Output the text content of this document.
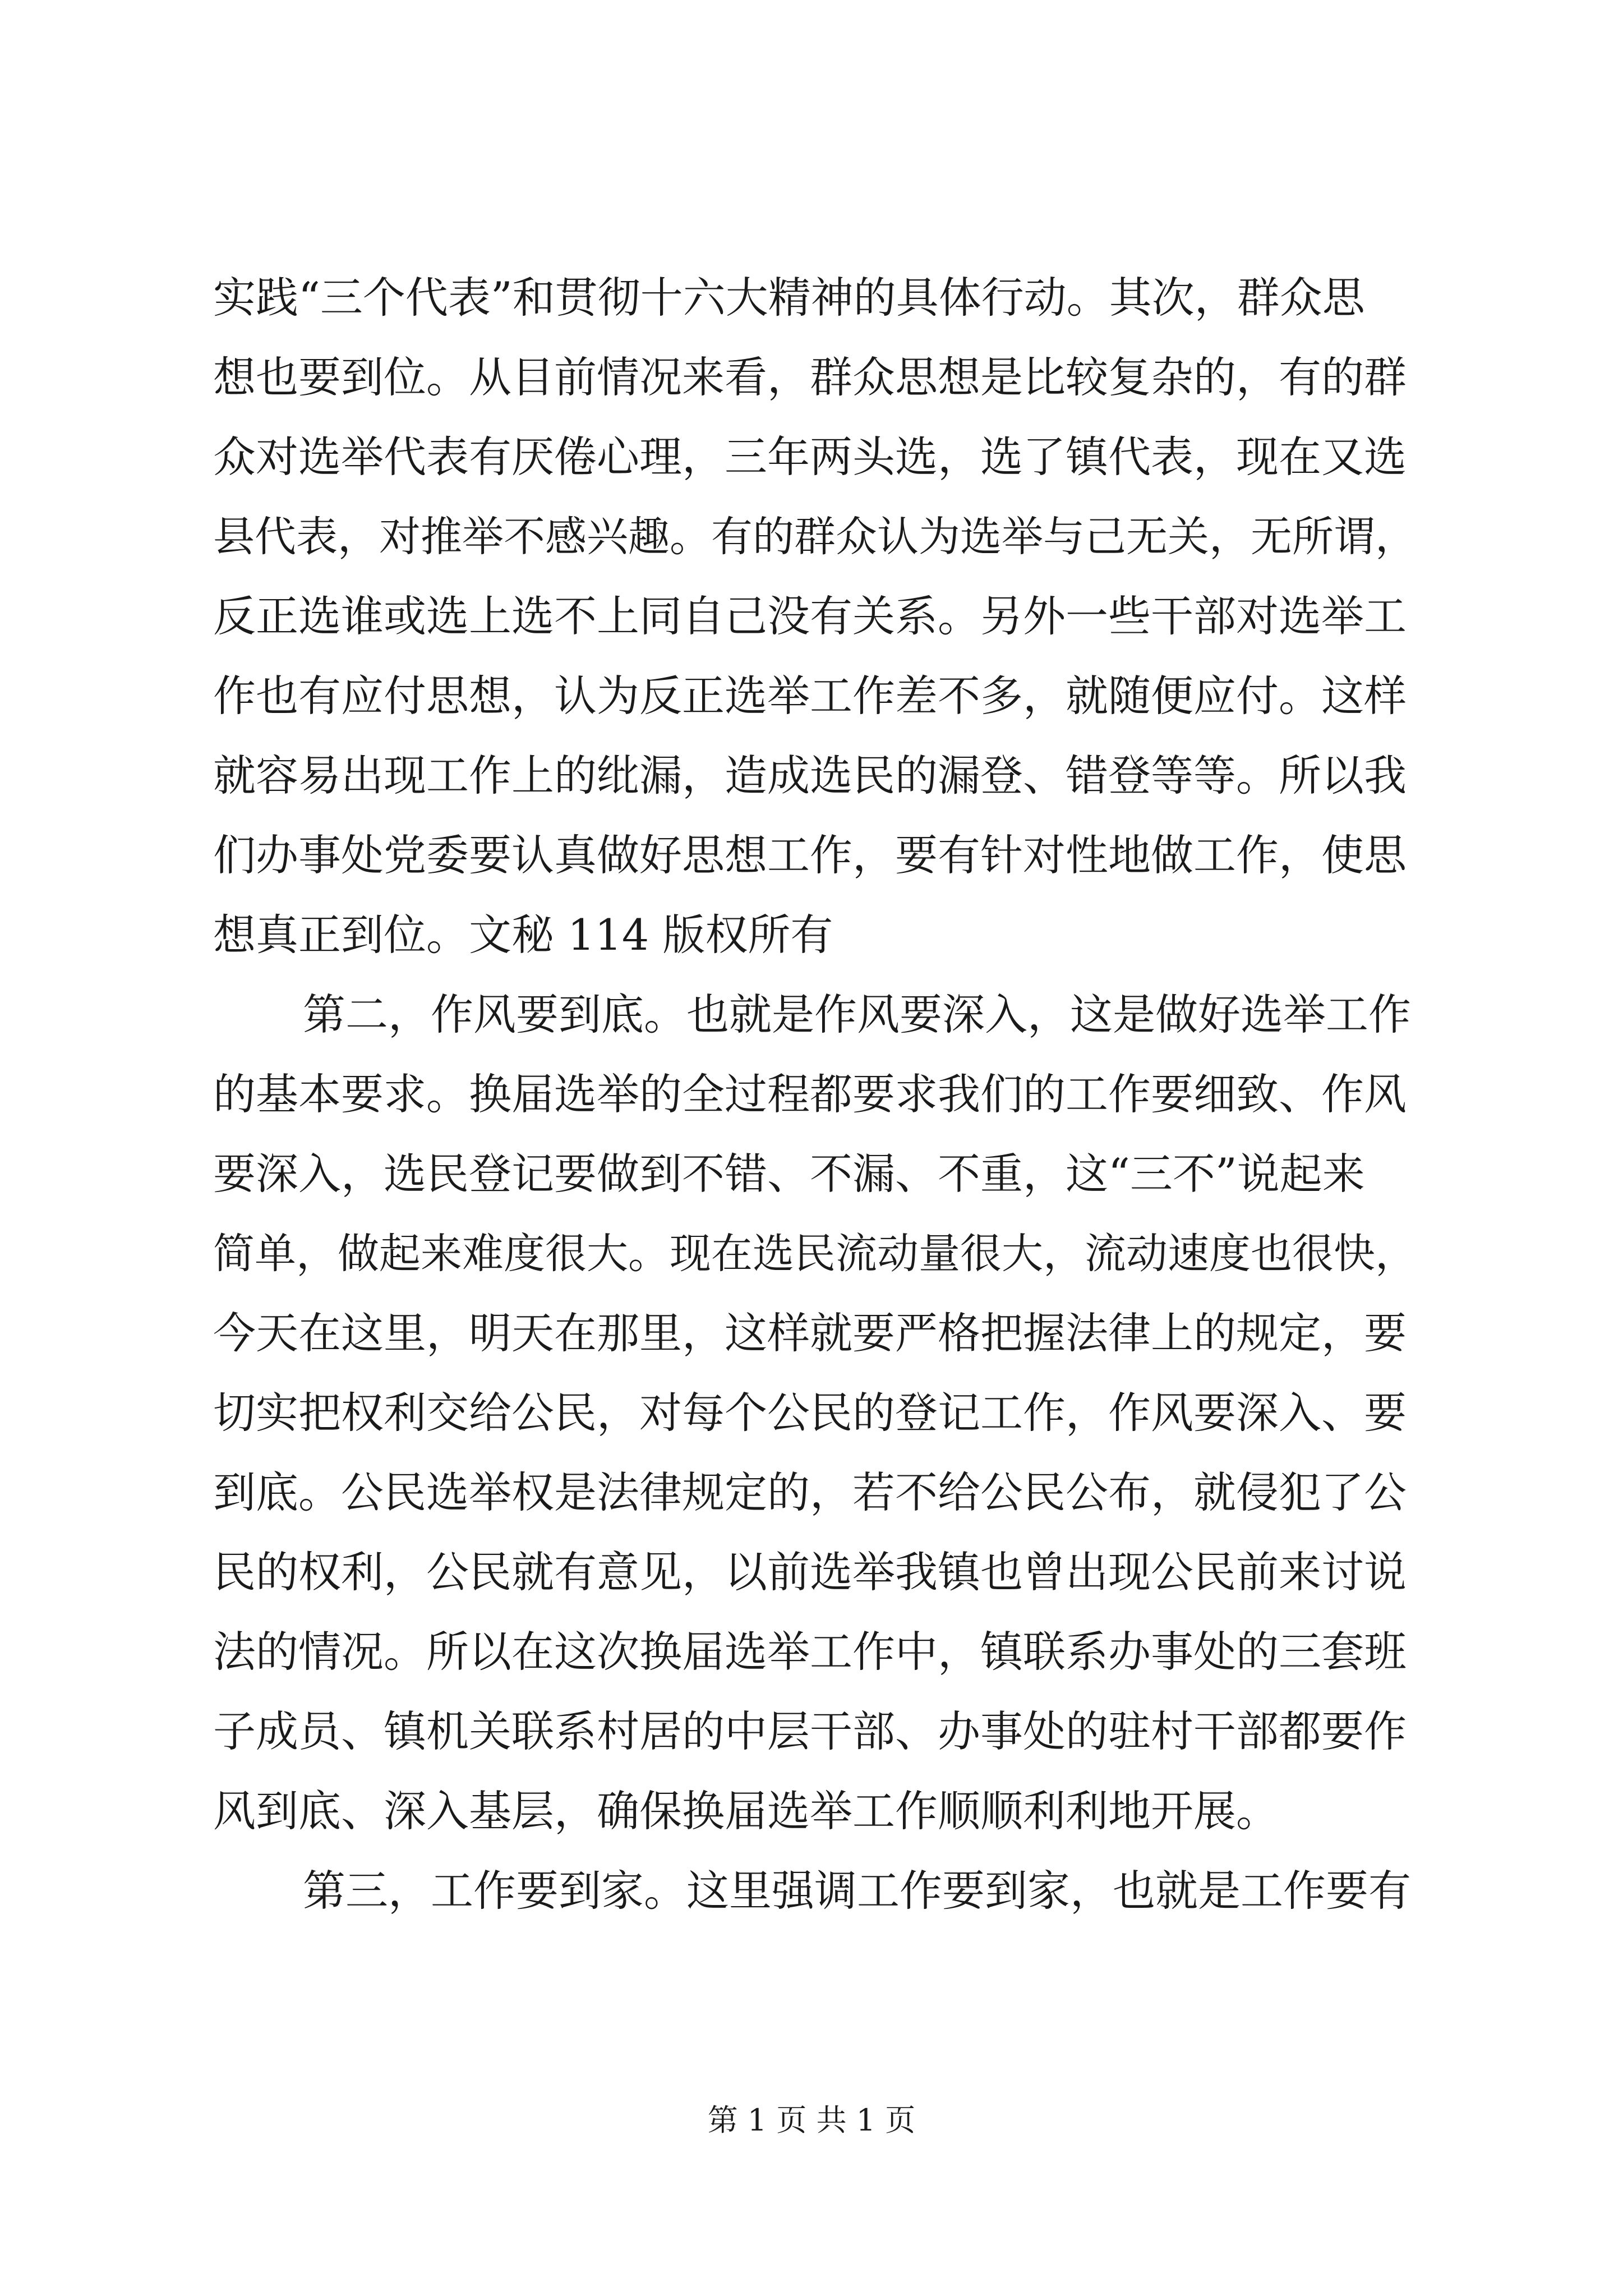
实践“三个代表”和贯彻十六大精神的具体行动。其次，群众思
想也要到位。从目前情况来看，群众思想是比较复杂的，有的群
众对选举代表有厌倦心理，三年两头选，选了镇代表，现在又选
县代表，对推举不感兴趣。有的群众认为选举与己无关，无所谓，
反正选谁或选上选不上同自己没有关系。另外一些干部对选举工
作也有应付思想，认为反正选举工作差不多，就随便应付。这样
就容易出现工作上的纰漏，造成选民的漏登、错登等等。所以我
们办事处党委要认真做好思想工作，要有针对性地做工作，使思
想真正到位。文秘 114 版权所有
第二，作风要到底。也就是作风要深入，这是做好选举工作
的基本要求。换届选举的全过程都要求我们的工作要细致、作风
要深入，选民登记要做到不错、不漏、不重，这“三不”说起来
简单，做起来难度很大。现在选民流动量很大，流动速度也很快，
今天在这里，明天在那里，这样就要严格把握法律上的规定，要
切实把权利交给公民，对每个公民的登记工作，作风要深入、要
到底。公民选举权是法律规定的，若不给公民公布，就侵犯了公
民的权利，公民就有意见，以前选举我镇也曾出现公民前来讨说
法的情况。所以在这次换届选举工作中，镇联系办事处的三套班
子成员、镇机关联系村居的中层干部、办事处的驻村干部都要作
风到底、深入基层，确保换届选举工作顺顺利利地开展。
第三，工作要到家。这里强调工作要到家，也就是工作要有
第 1 页 共 1 页
